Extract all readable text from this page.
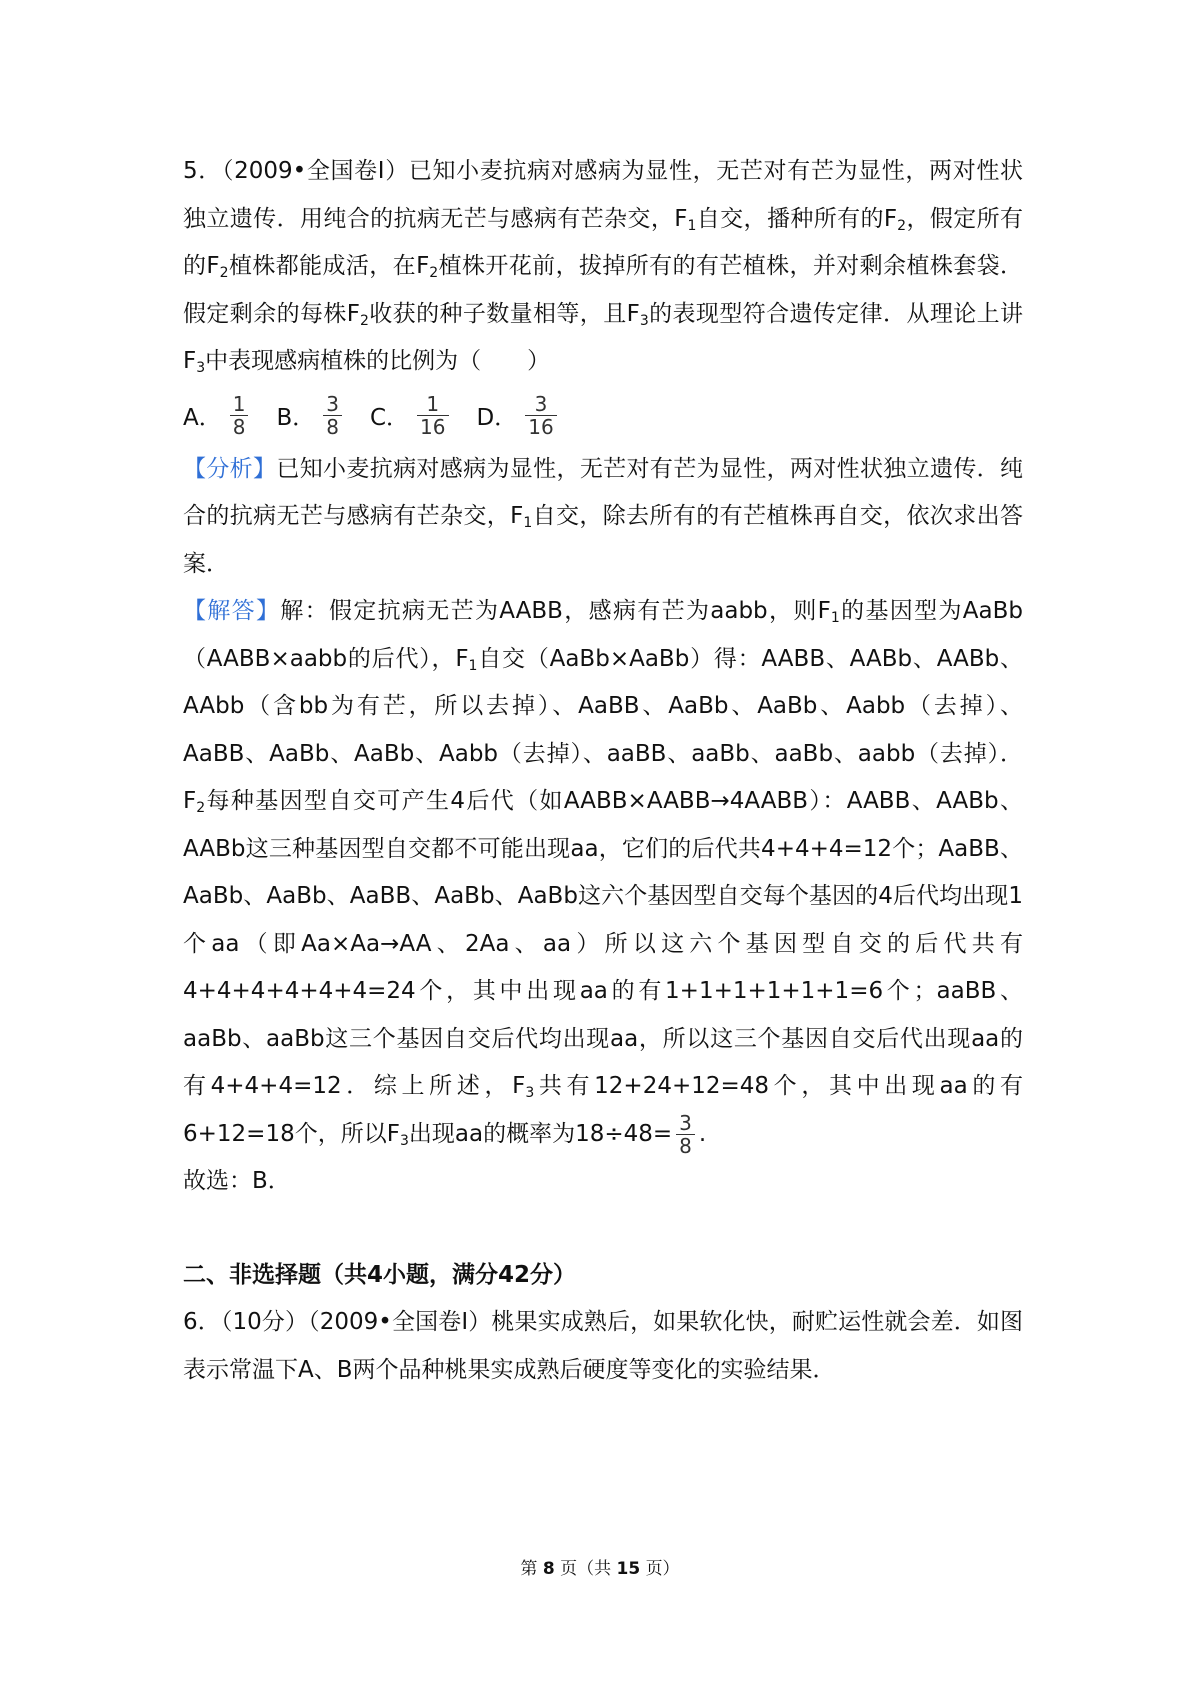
5．（2009•全国卷Ⅰ）已知小麦抗病对感病为显性，无芒对有芒为显性，两对性状独立遗传．用纯合的抗病无芒与感病有芒杂交，$F_1$自交，播种所有的$F_2$，假定所有的$F_2$植株都能成活，在$F_2$植株开花前，拔掉所有的有芒植株，并对剩余植株套袋．假定剩余的每株$F_2$收获的种子数量相等，且$F_3$的表现型符合遗传定律．从理论上讲$F_3$中表现感病植株的比例为（　　）

A． $\frac{1}{8}$ B． $\frac{3}{8}$ C． $\frac{1}{16}$ D． $\frac{3}{16}$

【分析】已知小麦抗病对感病为显性，无芒对有芒为显性，两对性状独立遗传．纯合的抗病无芒与感病有芒杂交，$F_1$自交，除去所有的有芒植株再自交，依次求出答案．

【解答】解：假定抗病无芒为AABB，感病有芒为aabb，则$F_1$的基因型为AaBb（AABB×aabb的后代），$F_1$自交（AaBb×AaBb）得：AABB、AABb、AABb、AAbb（含bb为有芒，所以去掉）、AaBB、AaBb、AaBb、Aabb（去掉）、AaBB、AaBb、AaBb、Aabb（去掉）、aaBB、aaBb、aaBb、aabb（去掉）．$F_2$每种基因型自交可产生4后代（如AABB×AABB→4AABB）：AABB、AABb、AABb这三种基因型自交都不可能出现aa，它们的后代共4+4+4=12个；AaBB、AaBb、AaBb、AaBB、AaBb、AaBb这六个基因型自交每个基因的4后代均出现1个aa（即Aa×Aa→AA、2Aa、aa）所以这六个基因型自交的后代共有4+4+4+4+4+4=24个，其中出现aa的有1+1+1+1+1+1=6个；aaBB、aaBb、aaBb这三个基因自交后代均出现aa，所以这三个基因自交后代出现aa的有4+4+4=12．综上所述，$F_3$共有12+24+12=48个，其中出现aa的有6+12=18个，所以$F_3$出现aa的概率为$18\div 48= \frac{3}{8}$ .

故选：B．

二、非选择题（共4小题，满分42分）

6．（10分）（2009•全国卷Ⅰ）桃果实成熟后，如果软化快，耐贮运性就会差．如图表示常温下A、B两个品种桃果实成熟后硬度等变化的实验结果．

第 8 页（共 15 页）
